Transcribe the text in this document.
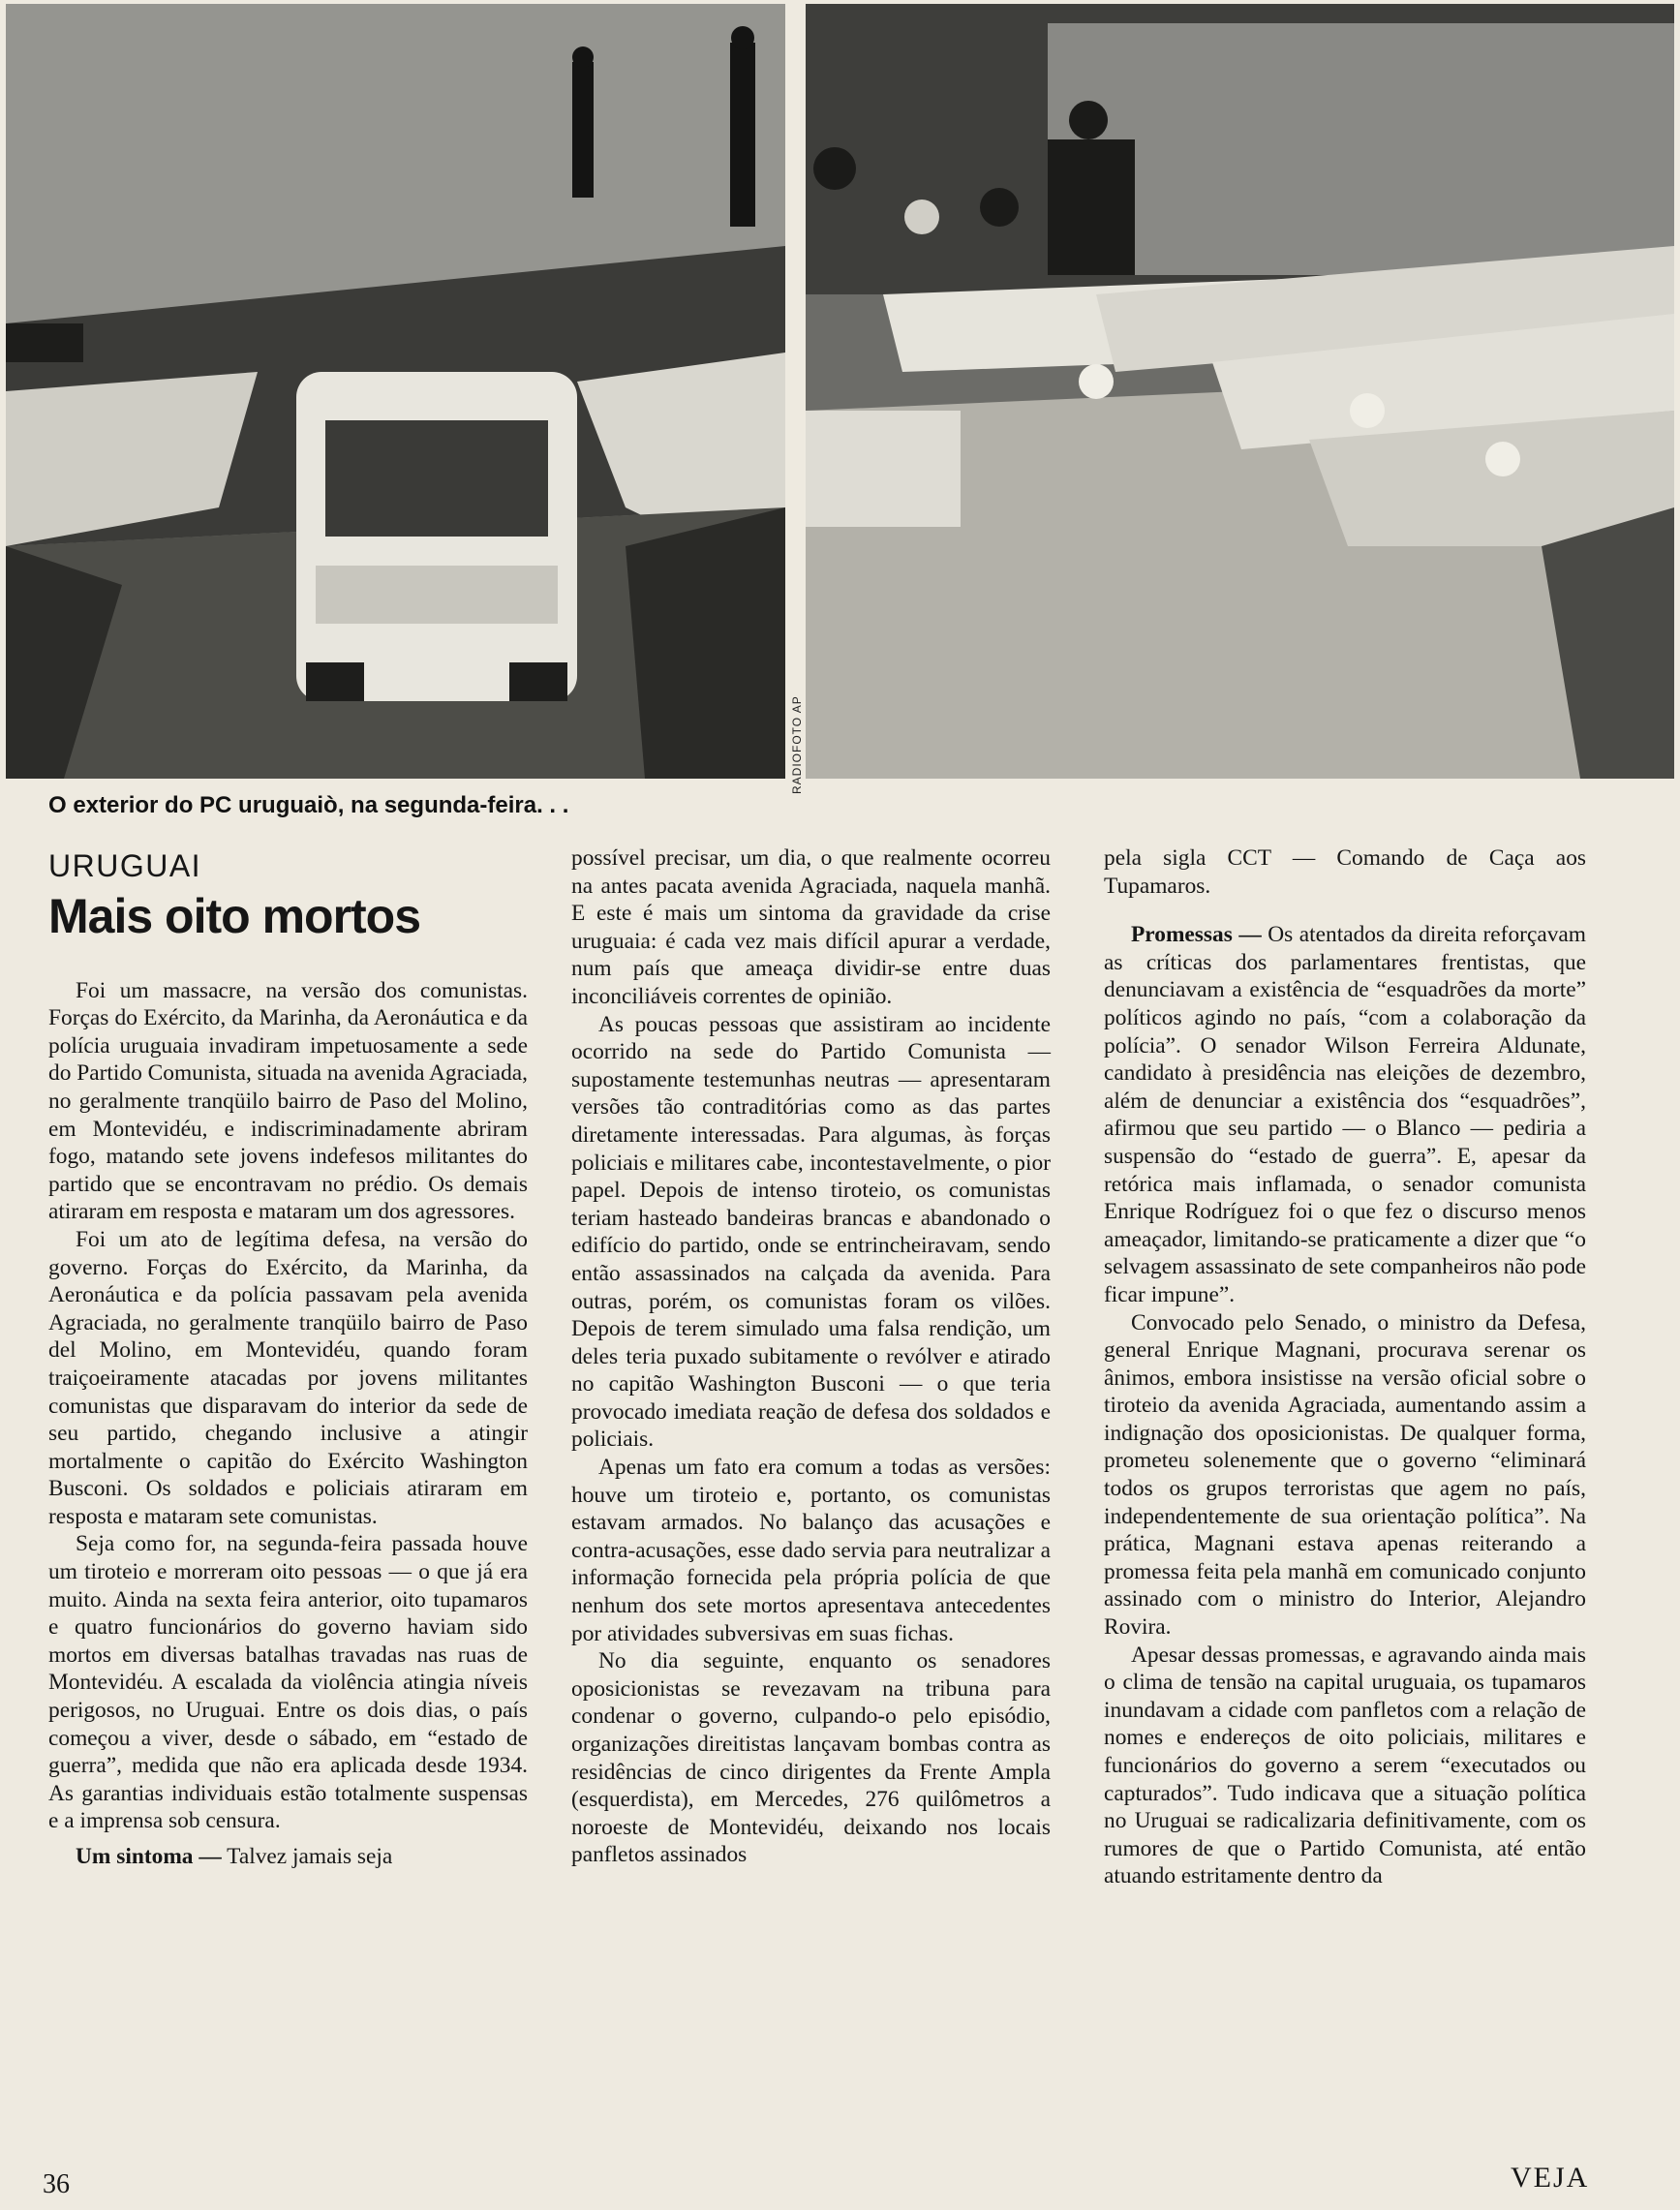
RADIOFOTO AP
O exterior do PC uruguaiò, na segunda-feira. . .
URUGUAI
Mais oito mortos

Foi um massacre, na versão dos comunistas. Forças do Exército, da Marinha, da Aeronáutica e da polícia uruguaia invadiram impetuosamente a sede do Partido Comunista, situada na avenida Agraciada, no geralmente tranqüilo bairro de Paso del Molino, em Montevidéu, e indiscriminadamente abriram fogo, matando sete jovens indefesos militantes do partido que se encontravam no prédio. Os demais atiraram em resposta e mataram um dos agressores.

Foi um ato de legítima defesa, na versão do governo. Forças do Exército, da Marinha, da Aeronáutica e da polícia passavam pela avenida Agraciada, no geralmente tranqüilo bairro de Paso del Molino, em Montevidéu, quando foram traiçoeiramente atacadas por jovens militantes comunistas que disparavam do interior da sede de seu partido, chegando inclusive a atingir mortalmente o capitão do Exército Washington Busconi. Os soldados e policiais atiraram em resposta e mataram sete comunistas.

Seja como for, na segunda-feira passada houve um tiroteio e morreram oito pessoas — o que já era muito. Ainda na sexta feira anterior, oito tupamaros e quatro funcionários do governo haviam sido mortos em diversas batalhas travadas nas ruas de Montevidéu. A escalada da violência atingia níveis perigosos, no Uruguai. Entre os dois dias, o país começou a viver, desde o sábado, em “estado de guerra”, medida que não era aplicada desde 1934. As garantias individuais estão totalmente suspensas e a imprensa sob censura.

Um sintoma — Talvez jamais seja

possível precisar, um dia, o que realmente ocorreu na antes pacata avenida Agraciada, naquela manhã. E este é mais um sintoma da gravidade da crise uruguaia: é cada vez mais difícil apurar a verdade, num país que ameaça dividir-se entre duas inconciliáveis correntes de opinião.

As poucas pessoas que assistiram ao incidente ocorrido na sede do Partido Comunista — supostamente testemunhas neutras — apresentaram versões tão contraditórias como as das partes diretamente interessadas. Para algumas, às forças policiais e militares cabe, incontestavelmente, o pior papel. Depois de intenso tiroteio, os comunistas teriam hasteado bandeiras brancas e abandonado o edifício do partido, onde se entrincheiravam, sendo então assassinados na calçada da avenida. Para outras, porém, os comunistas foram os vilões. Depois de terem simulado uma falsa rendição, um deles teria puxado subitamente o revólver e atirado no capitão Washington Busconi — o que teria provocado imediata reação de defesa dos soldados e policiais.

Apenas um fato era comum a todas as versões: houve um tiroteio e, portanto, os comunistas estavam armados. No balanço das acusações e contra-acusações, esse dado servia para neutralizar a informação fornecida pela própria polícia de que nenhum dos sete mortos apresentava antecedentes por atividades subversivas em suas fichas.

No dia seguinte, enquanto os senadores oposicionistas se revezavam na tribuna para condenar o governo, culpando-o pelo episódio, organizações direitistas lançavam bombas contra as residências de cinco dirigentes da Frente Ampla (esquerdista), em Mercedes, 276 quilômetros a noroeste de Montevidéu, deixando nos locais panfletos assinados

pela sigla CCT — Comando de Caça aos Tupamaros.

Promessas — Os atentados da direita reforçavam as críticas dos parlamentares frentistas, que denunciavam a existência de “esquadrões da morte” políticos agindo no país, “com a colaboração da polícia”. O senador Wilson Ferreira Aldunate, candidato à presidência nas eleições de dezembro, além de denunciar a existência dos “esquadrões”, afirmou que seu partido — o Blanco — pediria a suspensão do “estado de guerra”. E, apesar da retórica mais inflamada, o senador comunista Enrique Rodríguez foi o que fez o discurso menos ameaçador, limitando-se praticamente a dizer que “o selvagem assassinato de sete companheiros não pode ficar impune”.

Convocado pelo Senado, o ministro da Defesa, general Enrique Magnani, procurava serenar os ânimos, embora insistisse na versão oficial sobre o tiroteio da avenida Agraciada, aumentando assim a indignação dos oposicionistas. De qualquer forma, prometeu solenemente que o governo “eliminará todos os grupos terroristas que agem no país, independentemente de sua orientação política”. Na prática, Magnani estava apenas reiterando a promessa feita pela manhã em comunicado conjunto assinado com o ministro do Interior, Alejandro Rovira.

Apesar dessas promessas, e agravando ainda mais o clima de tensão na capital uruguaia, os tupamaros inundavam a cidade com panfletos com a relação de nomes e endereços de oito policiais, militares e funcionários do governo a serem “executados ou capturados”. Tudo indicava que a situação política no Uruguai se radicalizaria definitivamente, com os rumores de que o Partido Comunista, até então atuando estritamente dentro da

36	VEJA
